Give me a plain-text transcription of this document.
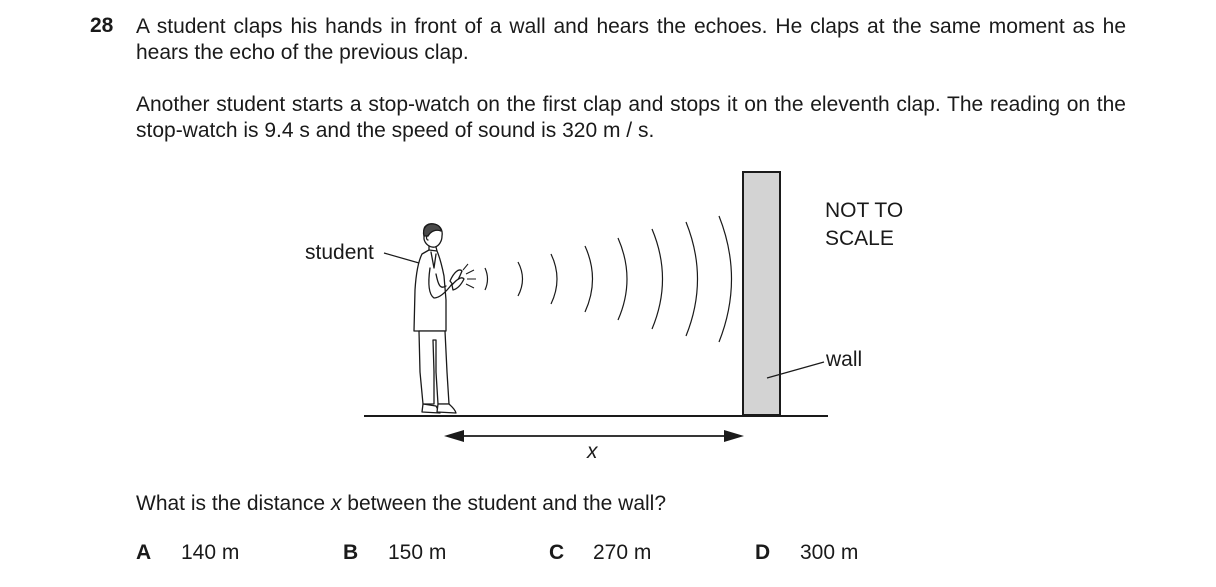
28 A student claps his hands in front of a wall and hears the echoes. He claps at the same moment as he hears the echo of the previous clap.
Another student starts a stop-watch on the first clap and stops it on the eleventh clap. The reading on the stop-watch is 9.4 s and the speed of sound is 320 m / s.
student
NOT TO
SCALE
wall
x
What is the distance x between the student and the wall?
A 140 m	B 150 m	C 270 m	D 300 m
